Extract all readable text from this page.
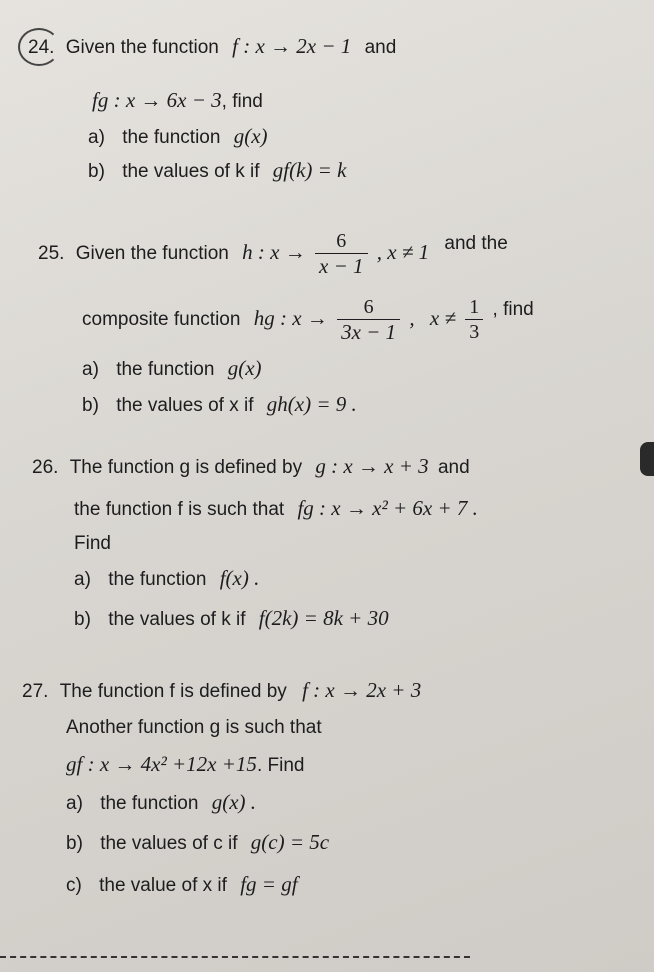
24. Given the function f : x → 2x − 1 and
fg : x → 6x − 3, find
a) the function g(x)
b) the values of k if gf(k) = k
25. Given the function h : $x \to \frac{6}{x - 1}$ , x ≠ 1 and the
composite function hg : $x \to \frac{6}{3x - 1}$ , $x \ne \frac{1}{3}$ , find
a) the function g(x)
b) the values of x if gh(x) = 9 .
26. The function g is defined by g : x → x + 3 and
the function f is such that fg : x → x² + 6x + 7 .
Find
a) the function f(x) .
b) the values of k if f(2k) = 8k + 30
27. The function f is defined by f : x → 2x + 3
Another function g is such that
gf : x → 4x² +12x +15. Find
a) the function g(x) .
b) the values of c if g(c) = 5c
c) the value of x if fg = gf
